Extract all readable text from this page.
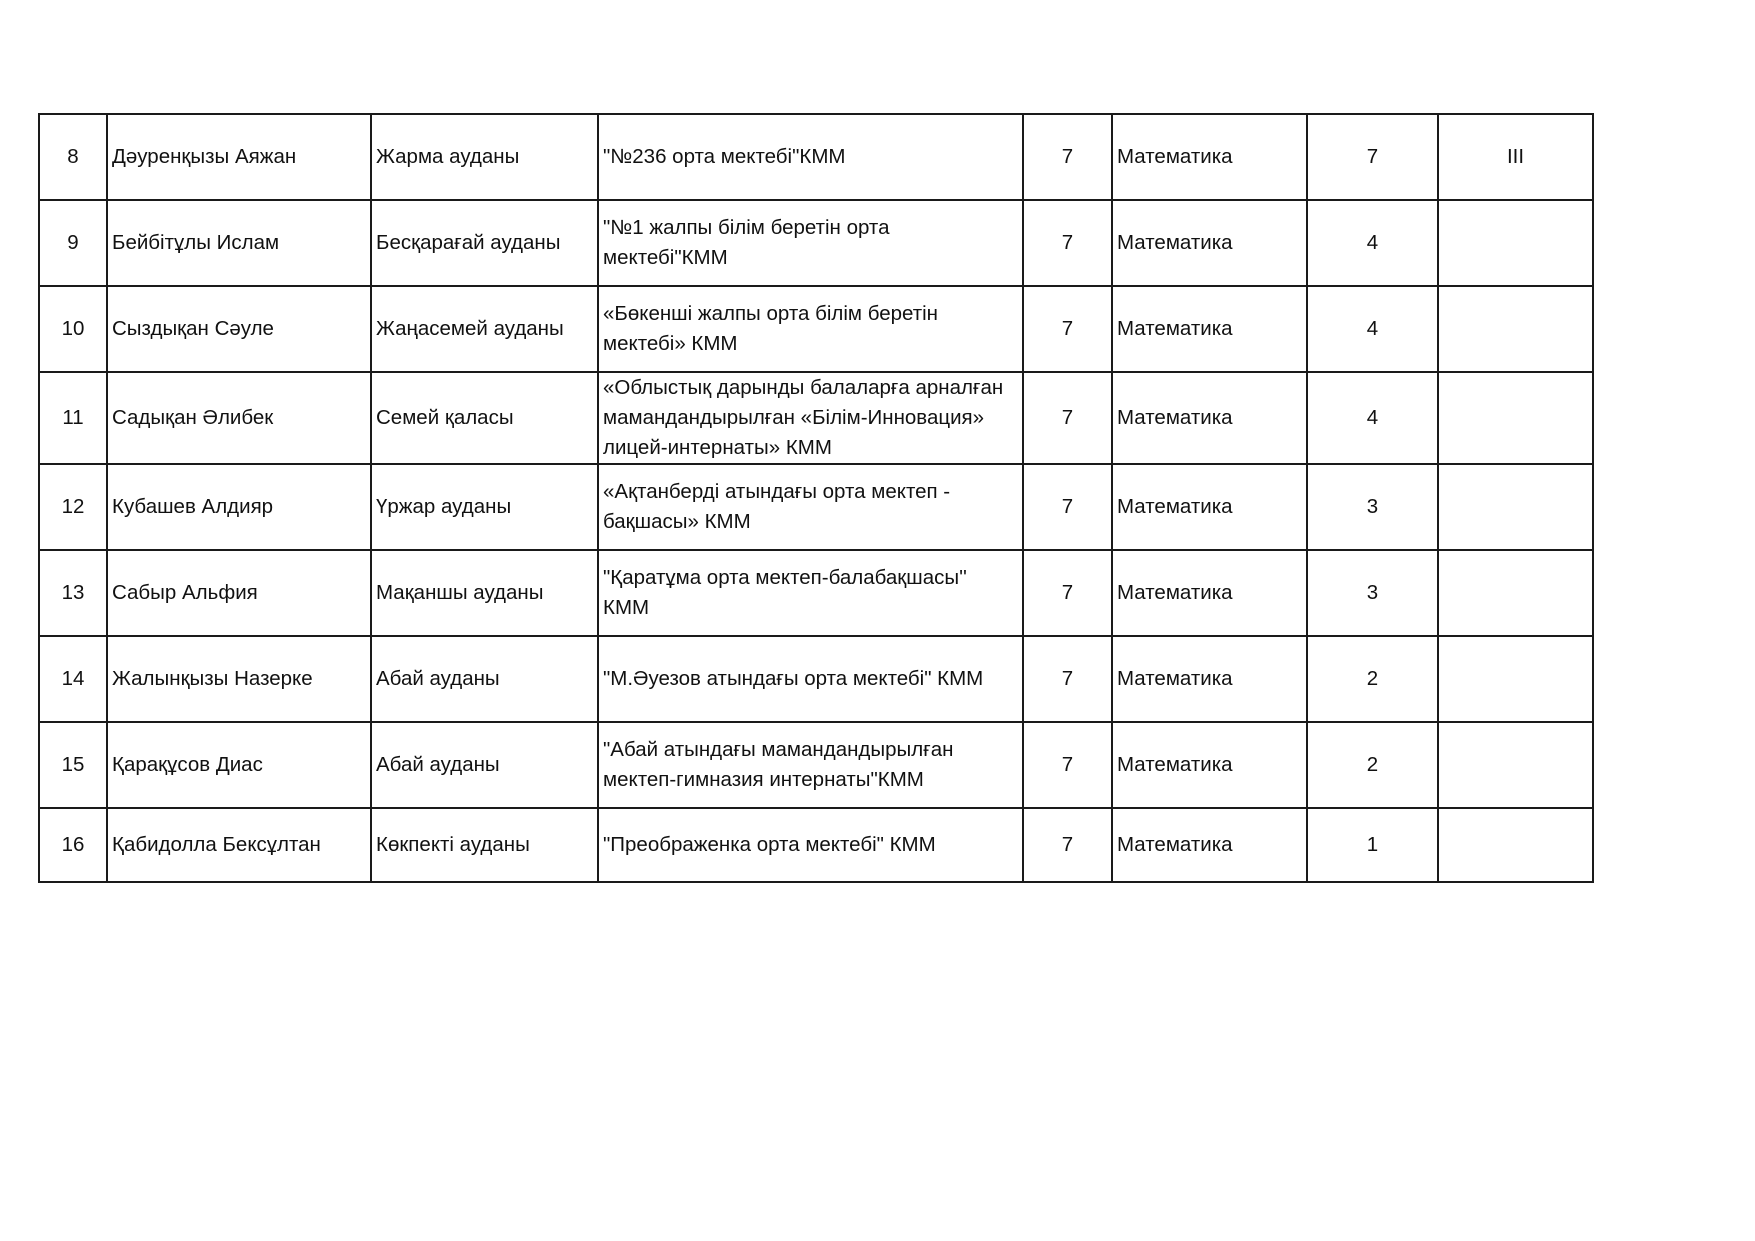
8	Дәуренқызы Аяжан	Жарма ауданы	"№236 орта мектебі"КММ	7	Математика	7	III
9	Бейбітұлы Ислам	Бесқарағай ауданы	"№1 жалпы білім беретін орта мектебі"КММ	7	Математика	4	
10	Сыздықан Сәуле	Жаңасемей ауданы	«Бөкенші жалпы орта білім беретін мектебі» КММ	7	Математика	4	
11	Садықан Әлибек	Семей қаласы	«Облыстық дарынды балаларға арналған мамандандырылған «Білім-Инновация» лицей-интернаты» КММ	7	Математика	4	
12	Кубашев Алдияр	Үржар ауданы	«Ақтанберді атындағы орта мектеп - бақшасы» КММ	7	Математика	3	
13	Сабыр Альфия	Мақаншы ауданы	"Қаратұма орта мектеп-балабақшасы'' КММ	7	Математика	3	
14	Жалынқызы Назерке	Абай ауданы	"М.Әуезов атындағы орта мектебі" КММ	7	Математика	2	
15	Қарақұсов Диас	Абай ауданы	"Абай атындағы мамандандырылған мектеп-гимназия интернаты"КММ	7	Математика	2	
16	Қабидолла Бексұлтан	Көкпекті ауданы	"Преображенка орта мектебі" КММ	7	Математика	1	
